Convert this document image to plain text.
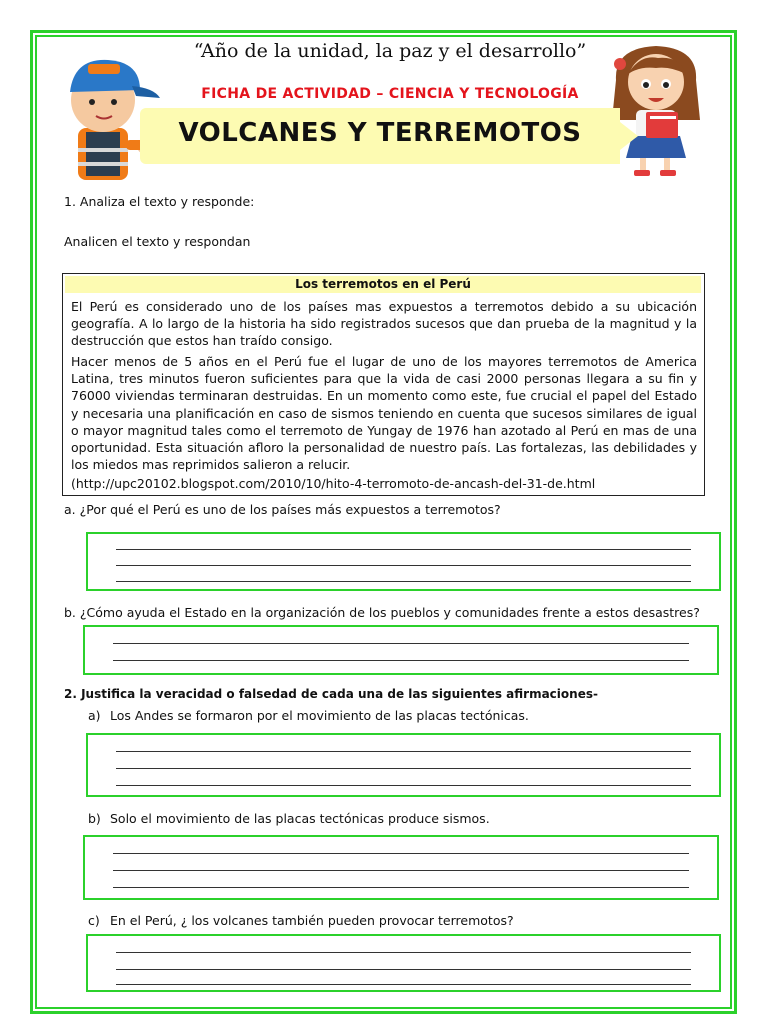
“Año de la unidad, la paz y el desarrollo”
FICHA DE ACTIVIDAD – CIENCIA Y TECNOLOGÍA
VOLCANES Y TERREMOTOS
1. Analiza el texto y responde:
Analicen el texto y respondan
Los terremotos en el Perú
El Perú es considerado uno de los países mas expuestos a terremotos debido a su ubicación geografía. A lo largo de la historia ha sido registrados sucesos que dan prueba de la magnitud y la destrucción que estos han traído consigo.
Hacer menos de 5 años en el Perú fue el lugar de uno de los mayores terremotos de America Latina, tres minutos fueron suficientes para que la vida de casi 2000 personas llegara a su fin y 76000 viviendas terminaran destruidas. En un momento como este, fue crucial el papel del Estado y necesaria una planificación en caso de sismos teniendo en cuenta que sucesos similares de igual o mayor magnitud tales como el terremoto de Yungay de 1976 han azotado al Perú en mas de una oportunidad. Esta situación afloro la personalidad de nuestro país. Las fortalezas, las debilidades y los miedos mas reprimidos salieron a relucir.
(http://upc20102.blogspot.com/2010/10/hito-4-terromoto-de-ancash-del-31-de.html
a. ¿Por qué el Perú es uno de los países más expuestos a terremotos?
b. ¿Cómo ayuda el Estado en la organización de los pueblos y comunidades frente a estos desastres?
2. Justifica la veracidad o falsedad de cada una de las siguientes afirmaciones-
a) Los Andes se formaron por el movimiento de las placas tectónicas.
b) Solo el movimiento de las placas tectónicas produce sismos.
c) En el Perú, ¿ los volcanes también pueden provocar terremotos?
